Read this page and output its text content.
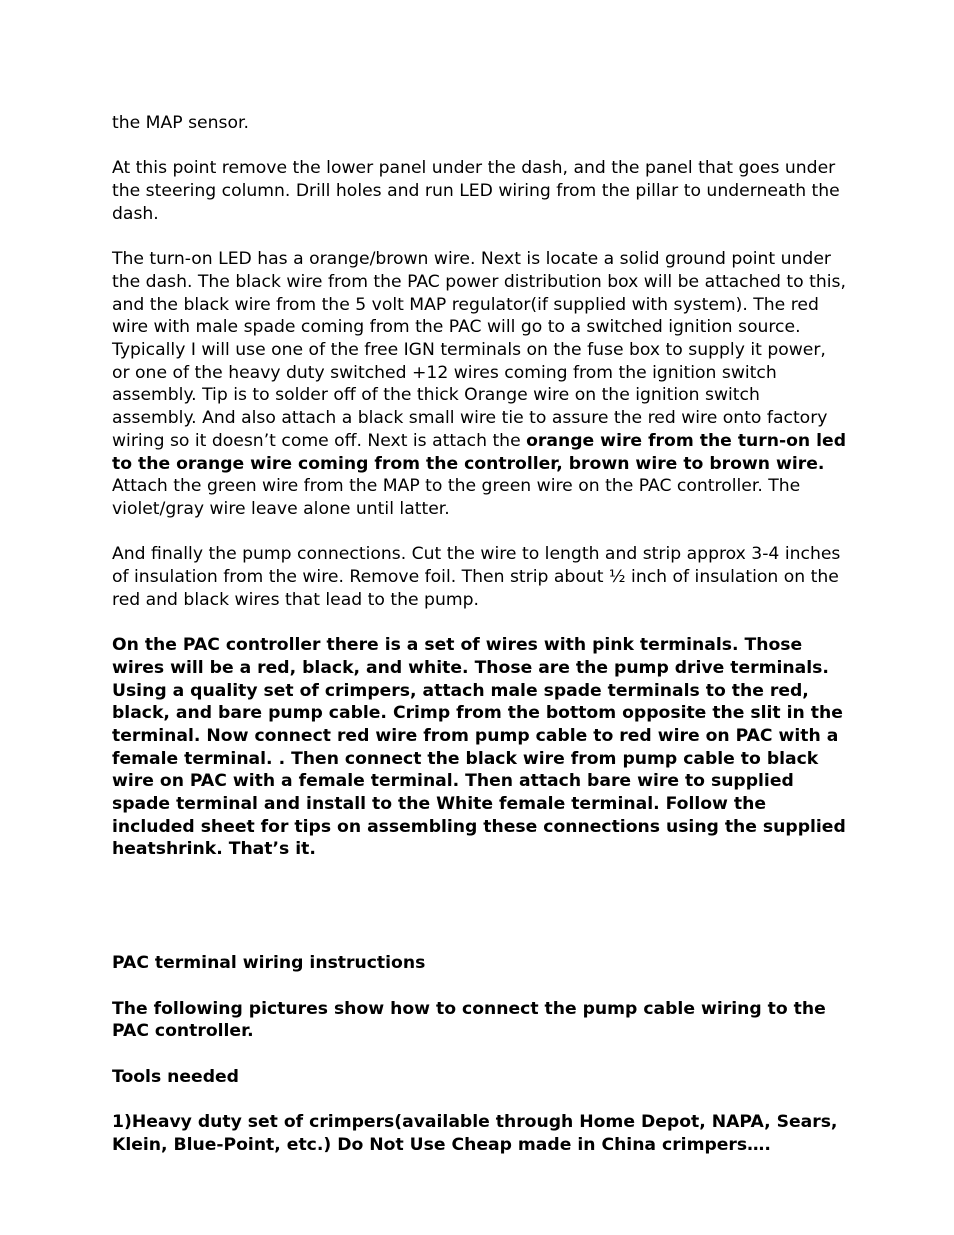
the MAP sensor.

At this point remove the lower panel under the dash, and the panel that goes under the steering column. Drill holes and run LED wiring from the pillar to underneath the dash.

The turn-on LED has a orange/brown wire. Next is locate a solid ground point under the dash. The black wire from the PAC power distribution box will be attached to this, and the black wire from the 5 volt MAP regulator(if supplied with system). The red wire with male spade coming from the PAC will go to a switched ignition source. Typically I will use one of the free IGN terminals on the fuse box to supply it power, or one of the heavy duty switched +12 wires coming from the ignition switch assembly. Tip is to solder off of the thick Orange wire on the ignition switch assembly. And also attach a black small wire tie to assure the red wire onto factory wiring so it doesn’t come off. Next is attach the orange wire from the turn-on led to the orange wire coming from the controller, brown wire to brown wire. Attach the green wire from the MAP to the green wire on the PAC controller. The violet/gray wire leave alone until latter.

And finally the pump connections. Cut the wire to length and strip approx 3-4 inches of insulation from the wire. Remove foil. Then strip about ½ inch of insulation on the red and black wires that lead to the pump.

On the PAC controller there is a set of wires with pink terminals. Those wires will be a red, black, and white. Those are the pump drive terminals. Using a quality set of crimpers, attach male spade terminals to the red, black, and bare pump cable. Crimp from the bottom opposite the slit in the terminal. Now connect red wire from pump cable to red wire on PAC with a female terminal. . Then connect the black wire from pump cable to black wire on PAC with a female terminal. Then attach bare wire to supplied spade terminal and install to the White female terminal. Follow the included sheet for tips on assembling these connections using the supplied heatshrink. That’s it.

PAC terminal wiring instructions

The following pictures show how to connect the pump cable wiring to the PAC controller.

Tools needed

1)Heavy duty set of crimpers(available through Home Depot, NAPA, Sears, Klein, Blue-Point, etc.) Do Not Use Cheap made in China crimpers….
